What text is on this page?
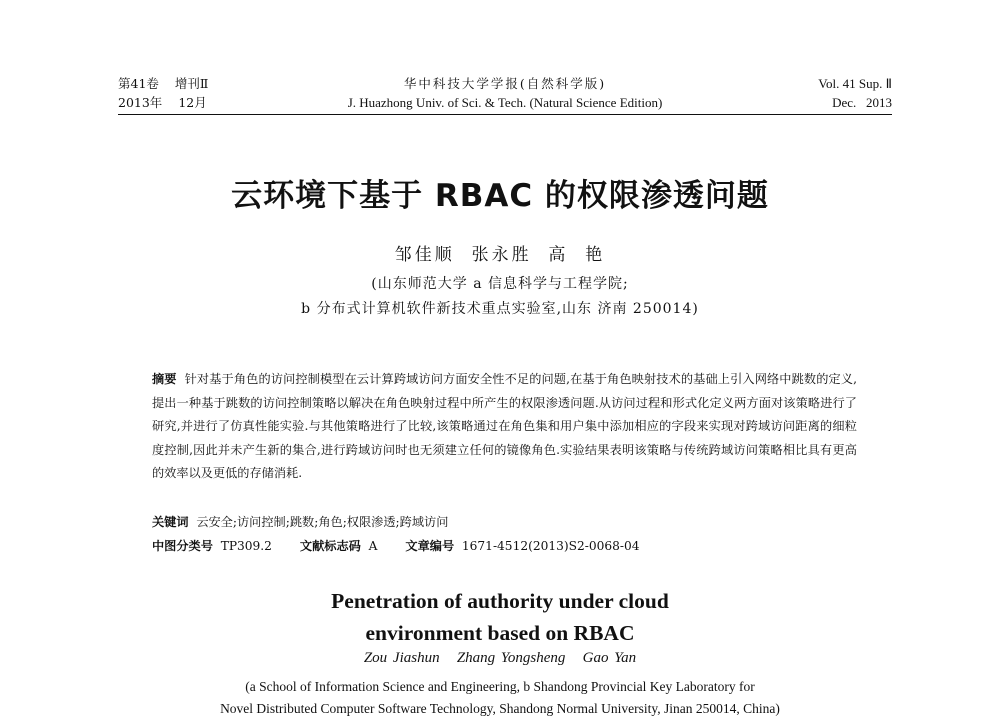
第41卷 增刊Ⅱ
2013年 12月
华中科技大学学报(自然科学版)
J. Huazhong Univ. of Sci. & Tech. (Natural Science Edition)
Vol. 41 Sup. Ⅱ
Dec.   2013
云环境下基于 RBAC 的权限渗透问题
邹佳顺  张永胜  高  艳
(山东师范大学 a 信息科学与工程学院;
b 分布式计算机软件新技术重点实验室,山东 济南 250014)
摘要 针对基于角色的访问控制模型在云计算跨域访问方面安全性不足的问题,在基于角色映射技术的基础上引入网络中跳数的定义,提出一种基于跳数的访问控制策略以解决在角色映射过程中所产生的权限渗透问题.从访问过程和形式化定义两方面对该策略进行了研究,并进行了仿真性能实验.与其他策略进行了比较,该策略通过在角色集和用户集中添加相应的字段来实现对跨域访问距离的细粒度控制,因此并未产生新的集合,进行跨域访问时也无须建立任何的镜像角色.实验结果表明该策略与传统跨域访问策略相比具有更高的效率以及更低的存储消耗.
关键词 云安全;访问控制;跳数;角色;权限渗透;跨域访问
中图分类号 TP309.2 文献标志码 A 文章编号 1671-4512(2013)S2-0068-04
Penetration of authority under cloud
environment based on RBAC
Zou Jiashun   Zhang Yongsheng   Gao Yan
(a School of Information Science and Engineering, b Shandong Provincial Key Laboratory for
Novel Distributed Computer Software Technology, Shandong Normal University, Jinan 250014, China)
